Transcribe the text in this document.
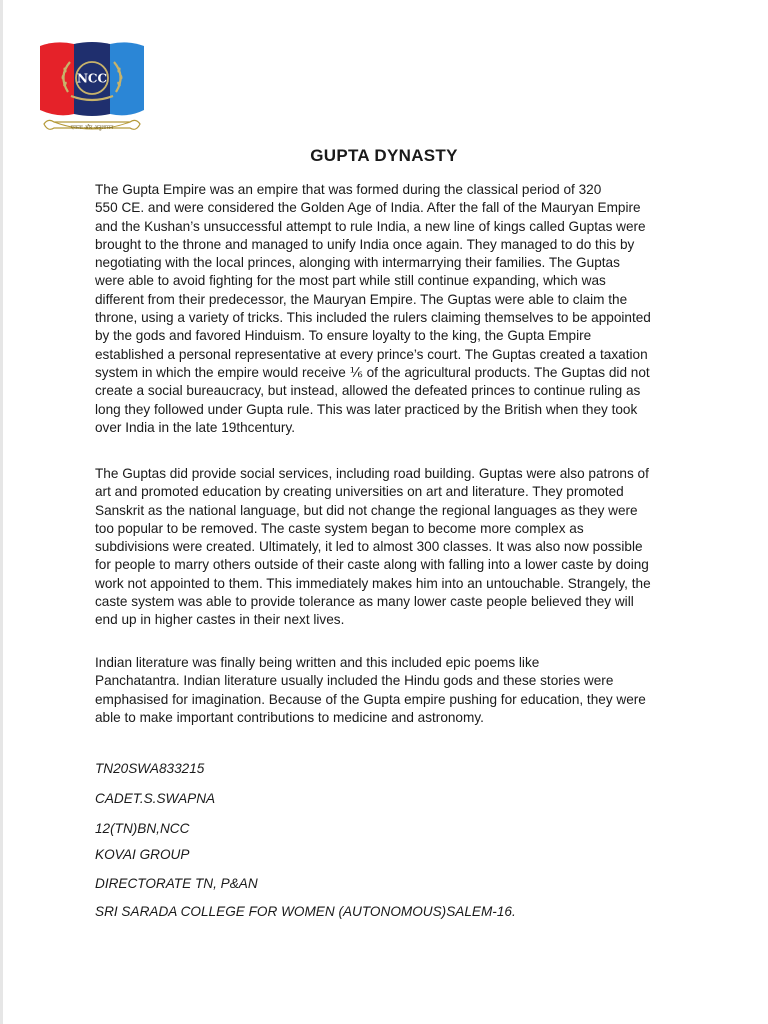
NCC
एकता और अनुशासन
GUPTA DYNASTY

The Gupta Empire was an empire that was formed during the classical period of 320
550 CE. and were considered the Golden Age of India. After the fall of the Mauryan Empire
and the Kushan’s unsuccessful attempt to rule India, a new line of kings called Guptas were
brought to the throne and managed to unify India once again. They managed to do this by
negotiating with the local princes, alonging with intermarrying their families. The Guptas
were able to avoid fighting for the most part while still continue expanding, which was
different from their predecessor, the Mauryan Empire. The Guptas were able to claim the
throne, using a variety of tricks. This included the rulers claiming themselves to be appointed
by the gods and favored Hinduism. To ensure loyalty to the king, the Gupta Empire
established a personal representative at every prince’s court. The Guptas created a taxation
system in which the empire would receive ⅙ of the agricultural products. The Guptas did not
create a social bureaucracy, but instead, allowed the defeated princes to continue ruling as
long they followed under Gupta rule. This was later practiced by the British when they took
over India in the late 19thcentury.

The Guptas did provide social services, including road building. Guptas were also patrons of
art and promoted education by creating universities on art and literature. They promoted
Sanskrit as the national language, but did not change the regional languages as they were
too popular to be removed. The caste system began to become more complex as
subdivisions were created. Ultimately, it led to almost 300 classes. It was also now possible
for people to marry others outside of their caste along with falling into a lower caste by doing
work not appointed to them. This immediately makes him into an untouchable. Strangely, the
caste system was able to provide tolerance as many lower caste people believed they will
end up in higher castes in their next lives.

Indian literature was finally being written and this included epic poems like
Panchatantra. Indian literature usually included the Hindu gods and these stories were
emphasised for imagination. Because of the Gupta empire pushing for education, they were
able to make important contributions to medicine and astronomy.

TN20SWA833215

CADET.S.SWAPNA

12(TN)BN,NCC

KOVAI GROUP

DIRECTORATE TN, P&AN

SRI SARADA COLLEGE FOR WOMEN (AUTONOMOUS)SALEM-16.
